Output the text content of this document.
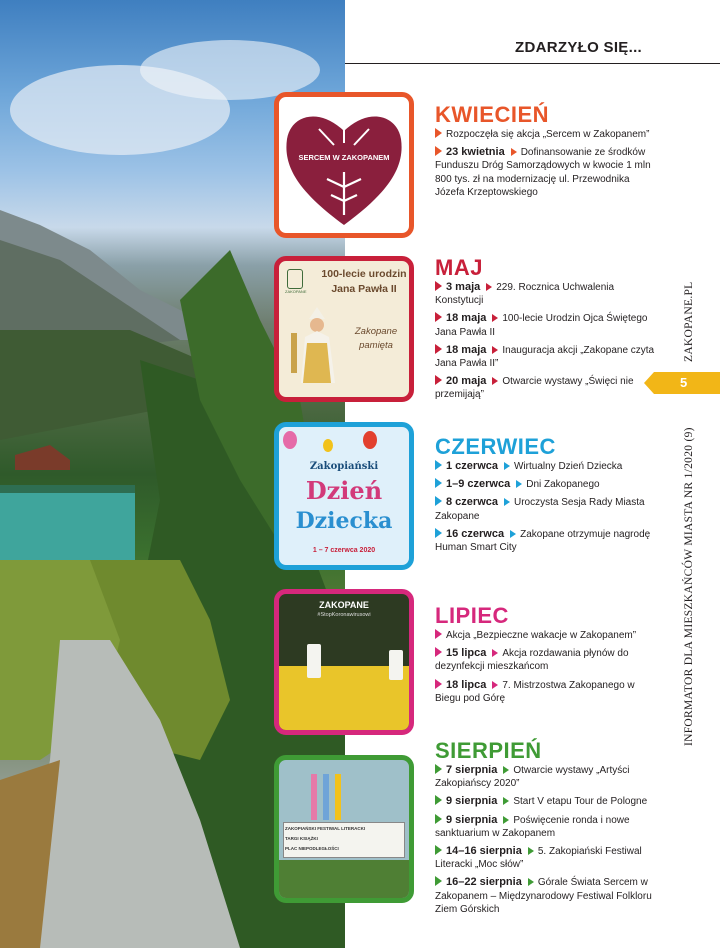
ZDARZYŁO SIĘ...
ZAKOPANE.PL
5
INFORMATOR DLA MIESZKAŃCÓW MIASTA NR 1/2020 (9)
SERCEM W ZAKOPANEM
KWIECIEŃ
Rozpoczęła się akcja „Sercem w Zakopanem”
23 kwietnia Dofinansowanie ze środków Funduszu Dróg Samorządowych w kwocie 1 mln 800 tys. zł na modernizację ul. Przewodnika Józefa Krzeptowskiego
ZAKOPANE
100-lecie urodzin Jana Pawła II
Zakopane pamięta
MAJ
3 maja 229. Rocznica Uchwalenia Konstytucji
18 maja 100-lecie Urodzin Ojca Świętego Jana Pawła II
18 maja Inauguracja akcji „Zakopane czyta Jana Pawła II”
20 maja Otwarcie wystawy „Święci nie przemijają”
Zakopiański
Dzień
Dziecka
1 – 7 czerwca 2020
CZERWIEC
1 czerwca Wirtualny Dzień Dziecka
1–9 czerwca Dni Zakopanego
8 czerwca Uroczysta Sesja Rady Miasta Zakopane
16 czerwca Zakopane otrzymuje nagrodę Human Smart City
ZAKOPANE
#StopKoronawirusowi	LIPIEC
Akcja „Bezpieczne wakacje w Zakopanem”
15 lipca Akcja rozdawania płynów do dezynfekcji mieszkańcom
18 lipca 7. Mistrzostwa Zakopanego w Biegu pod Górę
ZAKOPIAŃSKI FESTIWAL LITERACKI
TARGI KSIĄŻKI
PLAC NIEPODLEGŁOŚCI
SIERPIEŃ
7 sierpnia Otwarcie wystawy „Artyści Zakopiańscy 2020”
9 sierpnia Start V etapu Tour de Pologne
9 sierpnia Poświęcenie ronda i nowe sanktuarium w Zakopanem
14–16 sierpnia 5. Zakopiański Festiwal Literacki „Moc słów”
16–22 sierpnia Górale Świata Sercem w Zakopanem – Międzynarodowy Festiwal Folkloru Ziem Górskich
